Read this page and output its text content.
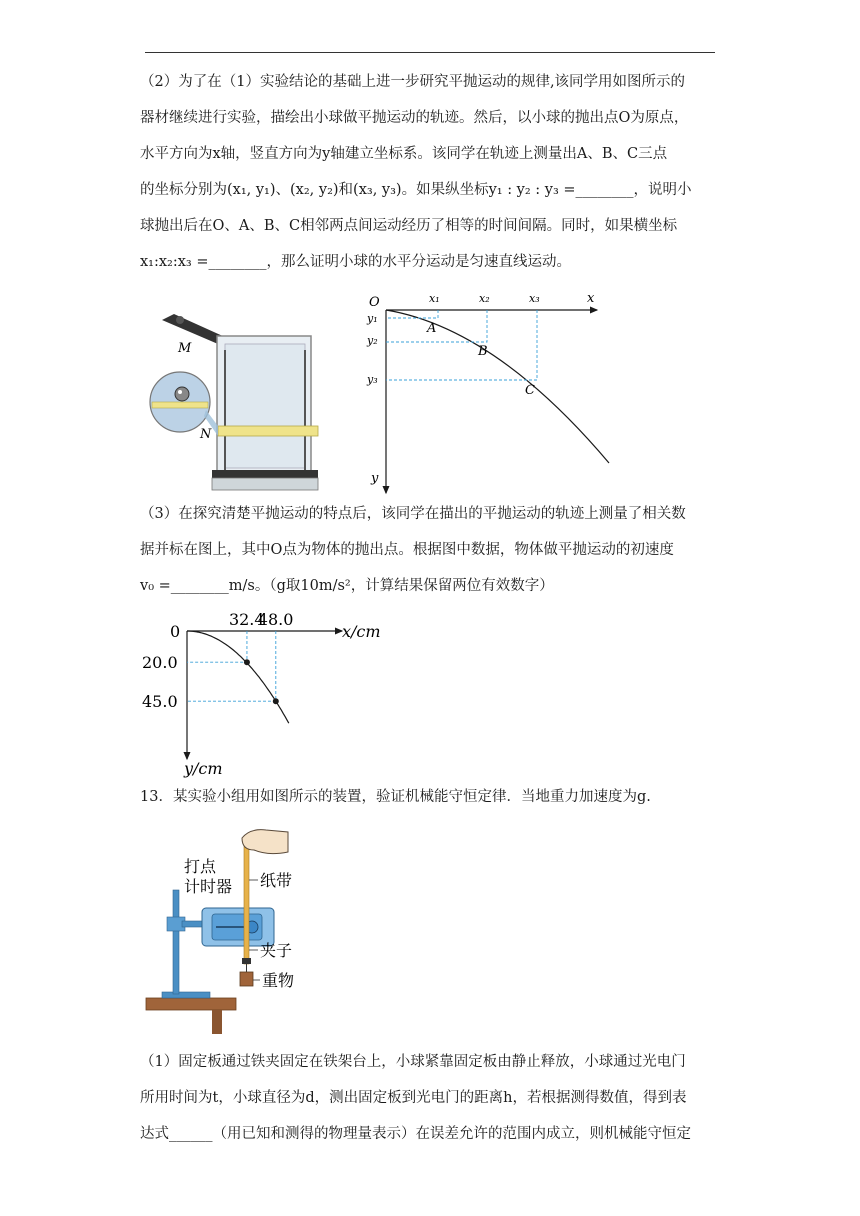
（2）为了在（1）实验结论的基础上进一步研究平抛运动的规律,该同学用如图所示的

器材继续进行实验，描绘出小球做平抛运动的轨迹。然后，以小球的抛出点O为原点，

水平方向为x轴，竖直方向为y轴建立坐标系。该同学在轨迹上测量出A、B、C三点

的坐标分别为(x₁, y₁)、(x₂, y₂)和(x₃, y₃)。如果纵坐标y₁ : y₂ : y₃ =________，说明小

球抛出后在O、A、B、C相邻两点间运动经历了相等的时间间隔。同时，如果横坐标

x₁:x₂:x₃ =________，那么证明小球的水平分运动是匀速直线运动。

M
N
O	x
y
x₁	x₂	x₃
y₁
y₂
y₃
A
B
C

（3）在探究清楚平抛运动的特点后，该同学在描出的平抛运动的轨迹上测量了相关数

据并标在图上，其中O点为物体的抛出点。根据图中数据，物体做平抛运动的初速度

v₀ =________m/s。（g取10m/s²，计算结果保留两位有效数字）

0	x/cm
y/cm
32.4
20.0
48.0
45.0

13．某实验小组用如图所示的装置，验证机械能守恒定律．当地重力加速度为g.

打点
计时器 纸带
夹子
重物

（1）固定板通过铁夹固定在铁架台上，小球紧靠固定板由静止释放，小球通过光电门

所用时间为t，小球直径为d，测出固定板到光电门的距离h，若根据测得数值，得到表

达式______（用已知和测得的物理量表示）在误差允许的范围内成立，则机械能守恒定
